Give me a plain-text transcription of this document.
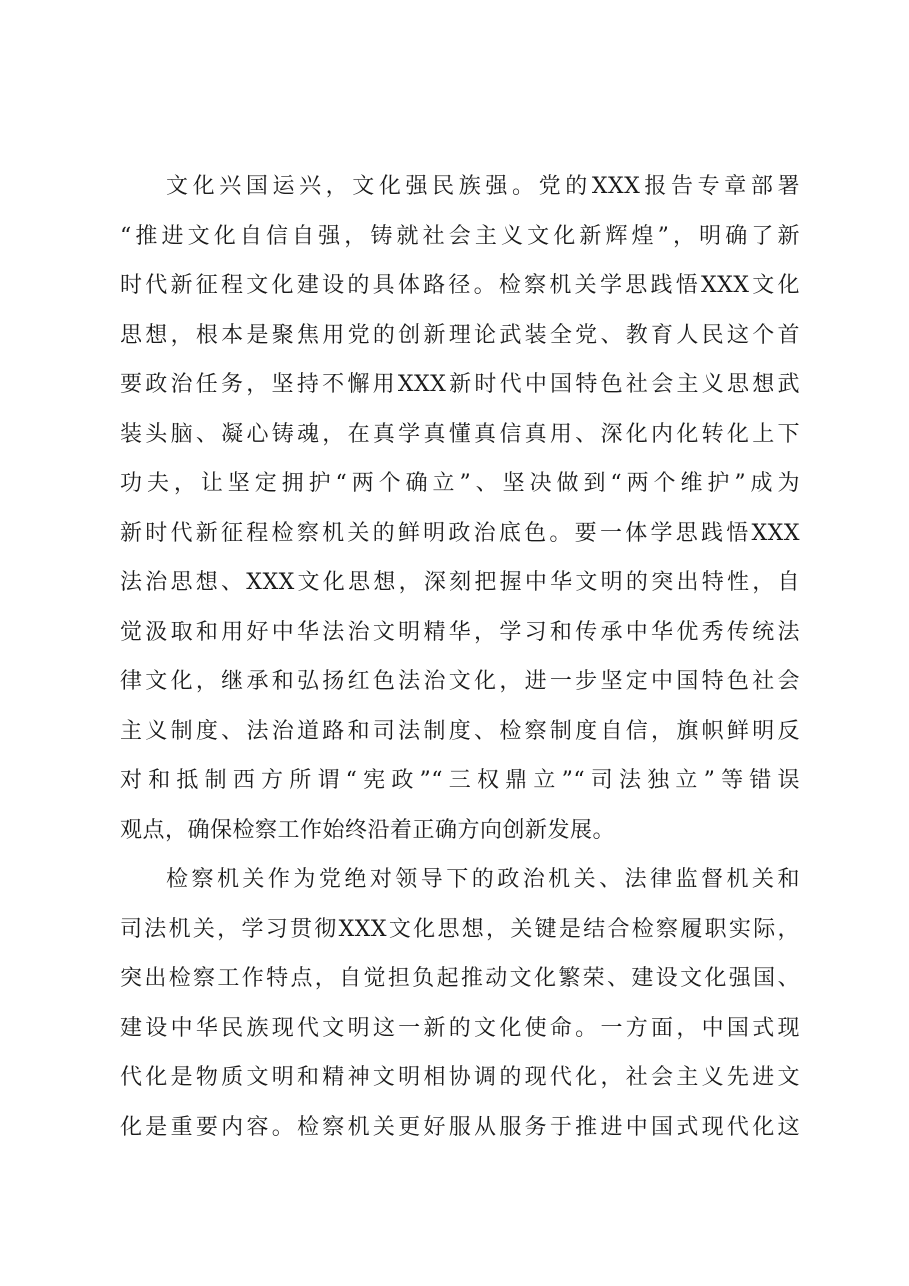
文化兴国运兴，文化强民族强。党的XXX报告专章部署
“推进文化自信自强，铸就社会主义文化新辉煌”，明确了新
时代新征程文化建设的具体路径。检察机关学思践悟XXX文化
思想，根本是聚焦用党的创新理论武装全党、教育人民这个首
要政治任务，坚持不懈用XXX新时代中国特色社会主义思想武
装头脑、凝心铸魂，在真学真懂真信真用、深化内化转化上下
功夫，让坚定拥护“两个确立”、坚决做到“两个维护”成为
新时代新征程检察机关的鲜明政治底色。要一体学思践悟XXX
法治思想、XXX文化思想，深刻把握中华文明的突出特性，自
觉汲取和用好中华法治文明精华，学习和传承中华优秀传统法
律文化，继承和弘扬红色法治文化，进一步坚定中国特色社会
主义制度、法治道路和司法制度、检察制度自信，旗帜鲜明反
对和抵制西方所谓“宪政”“三权鼎立”“司法独立”等错误
观点，确保检察工作始终沿着正确方向创新发展。
检察机关作为党绝对领导下的政治机关、法律监督机关和
司法机关，学习贯彻XXX文化思想，关键是结合检察履职实际，
突出检察工作特点，自觉担负起推动文化繁荣、建设文化强国、
建设中华民族现代文明这一新的文化使命。一方面，中国式现
代化是物质文明和精神文明相协调的现代化，社会主义先进文
化是重要内容。检察机关更好服从服务于推进中国式现代化这
